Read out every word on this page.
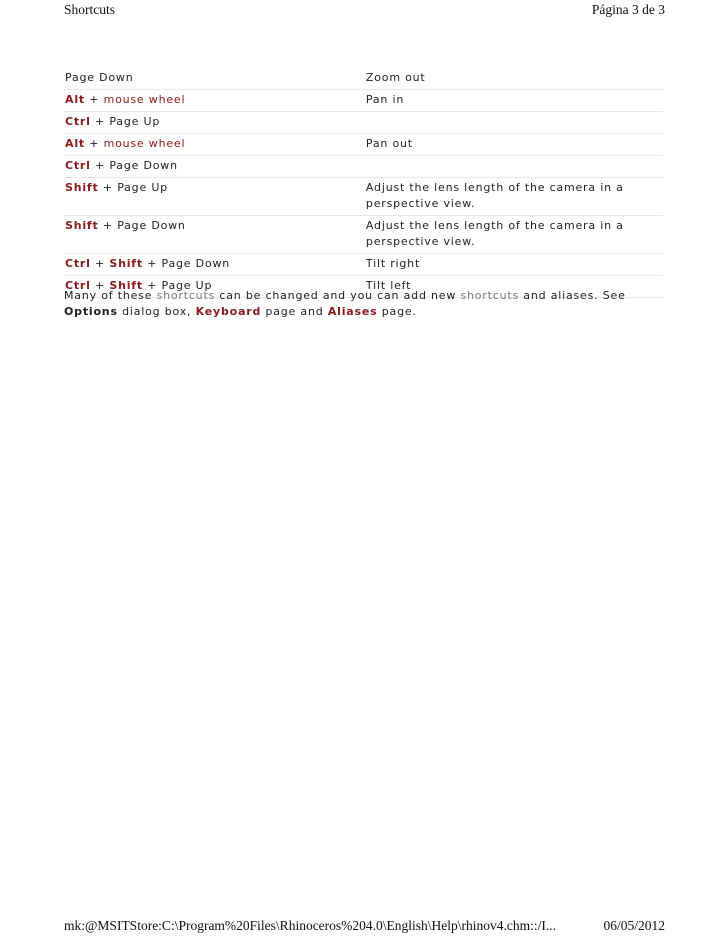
Shortcuts	Página 3 de 3
Page Down	Zoom out
Alt + mouse wheel	Pan in
Ctrl + Page Up	
Alt + mouse wheel	Pan out
Ctrl + Page Down	
Shift + Page Up	Adjust the lens length of the camera in a perspective view.
Shift + Page Down	Adjust the lens length of the camera in a perspective view.
Ctrl + Shift + Page Down	Tilt right
Ctrl + Shift + Page Up	Tilt left
Many of these shortcuts can be changed and you can add new shortcuts and aliases. See Options dialog box, Keyboard page and Aliases page.
mk:@MSITStore:C:\Program%20Files\Rhinoceros%204.0\English\Help\rhinov4.chm::/I...	06/05/2012
